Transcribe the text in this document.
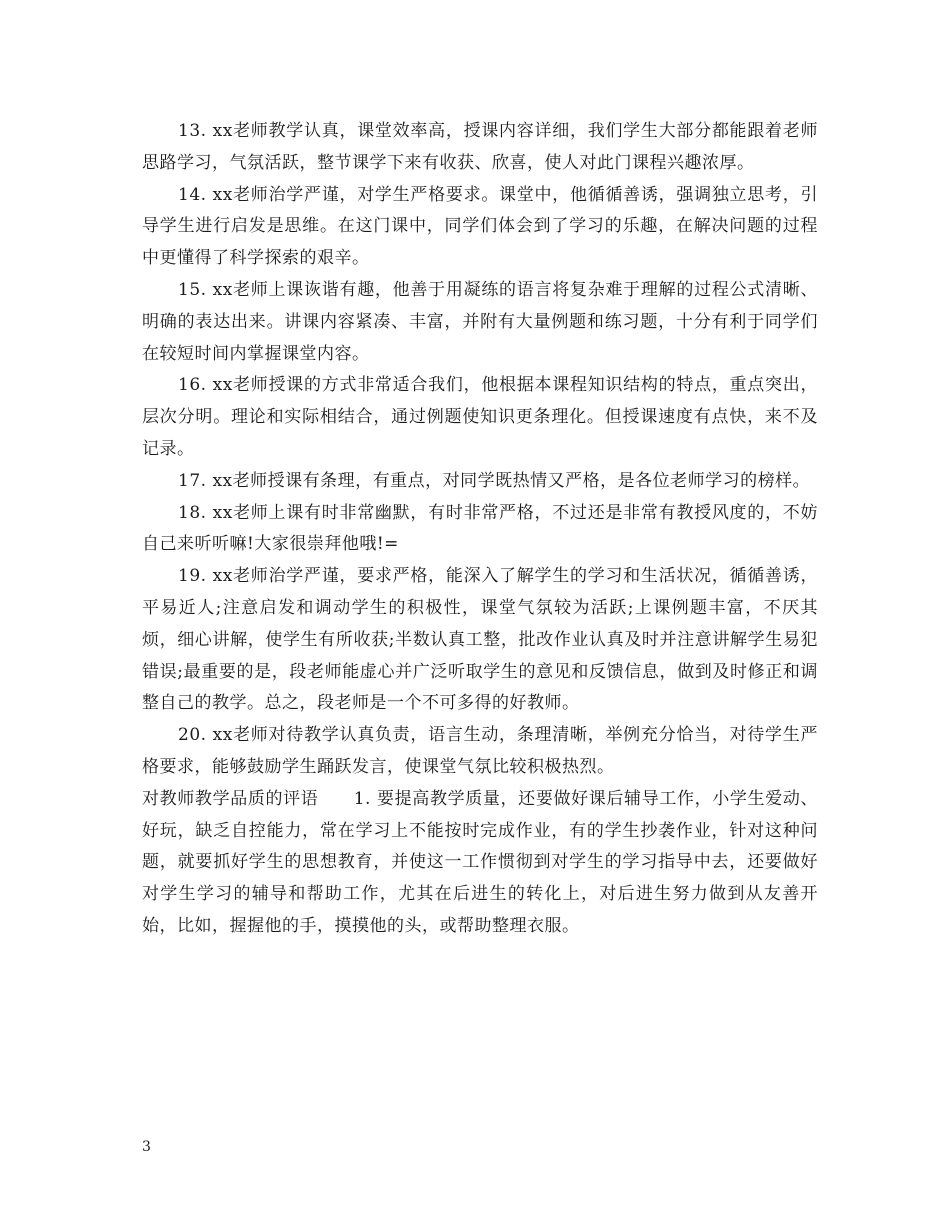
13. xx老师教学认真，课堂效率高，授课内容详细，我们学生大部分都能跟着老师思路学习，气氛活跃，整节课学下来有收获、欣喜，使人对此门课程兴趣浓厚。

14. xx老师治学严谨，对学生严格要求。课堂中，他循循善诱，强调独立思考，引导学生进行启发是思维。在这门课中，同学们体会到了学习的乐趣，在解决问题的过程中更懂得了科学探索的艰辛。

15. xx老师上课诙谐有趣，他善于用凝练的语言将复杂难于理解的过程公式清晰、明确的表达出来。讲课内容紧凑、丰富，并附有大量例题和练习题，十分有利于同学们在较短时间内掌握课堂内容。

16. xx老师授课的方式非常适合我们，他根据本课程知识结构的特点，重点突出，层次分明。理论和实际相结合，通过例题使知识更条理化。但授课速度有点快，来不及记录。

17. xx老师授课有条理，有重点，对同学既热情又严格，是各位老师学习的榜样。

18. xx老师上课有时非常幽默，有时非常严格，不过还是非常有教授风度的，不妨自己来听听嘛!大家很崇拜他哦!=

19. xx老师治学严谨，要求严格，能深入了解学生的学习和生活状况，循循善诱，平易近人;注意启发和调动学生的积极性，课堂气氛较为活跃;上课例题丰富，不厌其烦，细心讲解，使学生有所收获;半数认真工整，批改作业认真及时并注意讲解学生易犯错误;最重要的是，段老师能虚心并广泛听取学生的意见和反馈信息，做到及时修正和调整自己的教学。总之，段老师是一个不可多得的好教师。

20. xx老师对待教学认真负责，语言生动，条理清晰，举例充分恰当，对待学生严格要求，能够鼓励学生踊跃发言，使课堂气氛比较积极热烈。

对教师教学品质的评语　　1. 要提高教学质量，还要做好课后辅导工作，小学生爱动、好玩，缺乏自控能力，常在学习上不能按时完成作业，有的学生抄袭作业，针对这种问题，就要抓好学生的思想教育，并使这一工作惯彻到对学生的学习指导中去，还要做好对学生学习的辅导和帮助工作，尤其在后进生的转化上，对后进生努力做到从友善开始，比如，握握他的手，摸摸他的头，或帮助整理衣服。

3
